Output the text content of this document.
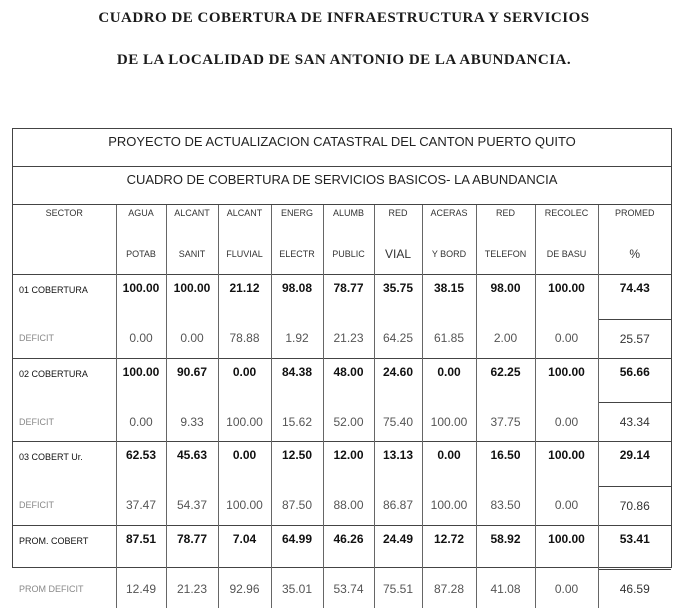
CUADRO DE COBERTURA DE INFRAESTRUCTURA Y SERVICIOS
DE LA LOCALIDAD DE SAN ANTONIO DE LA ABUNDANCIA.
PROYECTO DE ACTUALIZACION CATASTRAL DEL CANTON PUERTO QUITO
CUADRO DE COBERTURA DE SERVICIOS BASICOS- LA ABUNDANCIA
SECTOR	AGUA	ALCANT	ALCANT	ENERG	ALUMB	RED	ACERAS	RED	RECOLEC	PROMED
	POTAB	SANIT	FLUVIAL	ELECTR	PUBLIC	VIAL	Y BORD	TELEFON	DE BASU	%
01 COBERTURA	100.00	100.00	21.12	98.08	78.77	35.75	38.15	98.00	100.00	74.43
DEFICIT	0.00	0.00	78.88	1.92	21.23	64.25	61.85	2.00	0.00	25.57
02 COBERTURA	100.00	90.67	0.00	84.38	48.00	24.60	0.00	62.25	100.00	56.66
DEFICIT	0.00	9.33	100.00	15.62	52.00	75.40	100.00	37.75	0.00	43.34
03 COBERT Ur.	62.53	45.63	0.00	12.50	12.00	13.13	0.00	16.50	100.00	29.14
DEFICIT	37.47	54.37	100.00	87.50	88.00	86.87	100.00	83.50	0.00	70.86
PROM. COBERT	87.51	78.77	7.04	64.99	46.26	24.49	12.72	58.92	100.00	53.41
PROM DEFICIT	12.49	21.23	92.96	35.01	53.74	75.51	87.28	41.08	0.00	46.59
